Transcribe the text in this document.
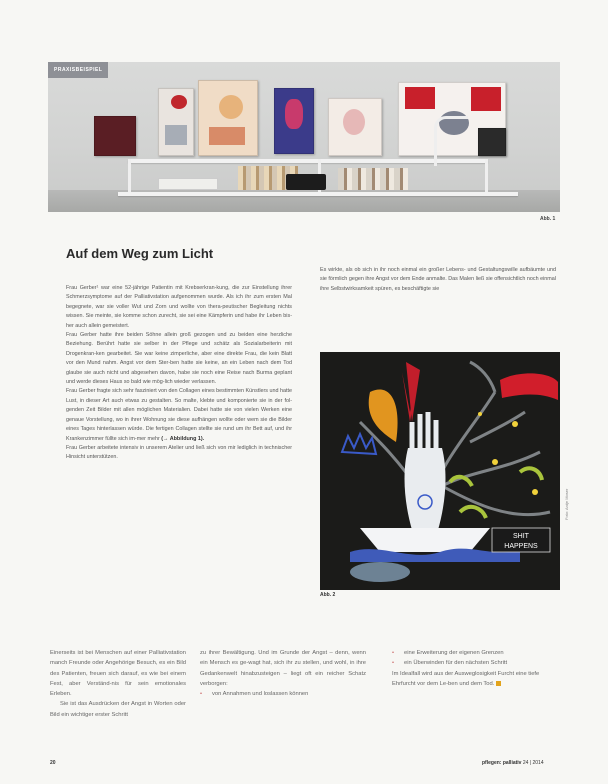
PRAXISBEISPIEL
Abb. 1
Auf dem Weg zum Licht

Frau Gerber¹ war eine 52-jährige Patientin mit Krebserkran-kung, die zur Einstellung ihrer Schmerzsymptome auf der Palliativstation aufgenommen wurde. Als ich ihr zum ersten Mal begegnete, war sie voller Wut und Zorn und wollte von thera-peutischer Begleitung nichts wissen. Sie meinte, sie komme schon zurecht, sie sei eine Kämpferin und habe ihr Leben bis-her auch allein gemeistert.

Frau Gerber hatte ihre beiden Söhne allein groß gezogen und zu beiden eine herzliche Beziehung. Berührt hatte sie selber in der Pflege und schätz als Sozialarbeiterin mit Drogenkran-ken gearbeitet. Sie war keine zimperliche, aber eine direkte Frau, die kein Blatt vor den Mund nahm. Angst vor dem Ster-ben hatte sie keine, an ein Leben nach dem Tod glaube sie auch nicht und abgesehen davon, habe sie noch eine Reise nach Burma geplant und werde dieses Haus so bald wie mög-lich wieder verlassen.

Frau Gerber fragte sich sehr fasziniert von den Collagen eines bestimmten Künstlers und hatte Lust, in dieser Art auch etwas zu gestalten. So malte, klebte und komponierte sie in der fol-genden Zeit Bilder mit allen möglichen Materialien. Dabei hatte sie von vielen Werken eine genaue Vorstellung, wo in ihrer Wohnung sie diese aufhängen wollte oder wem sie die Bilder eines Tages hinterlassen würde. Die fertigen Collagen stellte sie rund um ihr Bett auf, und ihr Krankenzimmer füllte sich im-mer mehr (→ Abbildung 1).

Frau Gerber arbeitete intensiv in unserem Atelier und ließ sich von mir lediglich in technischer Hinsicht unterstützen.

Es wirkte, als ob sich in ihr noch einmal ein großer Lebens- und Gestaltungswille aufbäumte und sie förmlich gegen ihre Angst vor dem Ende anmalte. Das Malen ließ sie offensichtlich noch einmal ihre Selbstwirksamkeit spüren, es beschäftigte sie

SHIT
HAPPENS
Foto: Antje Moser
Abb. 2

Einerseits ist bei Menschen auf einer Palliativstation manch Freunde oder Angehörige Besuch, es ein Bild des Patienten, freuen sich darauf, es wie bei einem Fest, aber Verständ-nis für sein emotionales Erleben.

Sie ist das Ausdrücken der Angst in Worten oder Bild ein wichtiger erster Schritt

zu ihrer Bewältigung. Und im Grunde der Angst – denn, wenn ein Mensch es ge-wagt hat, sich ihr zu stellen, und wohl, in ihre Gedankenwelt hinabzusteigen – liegt oft ein reicher Schatz verborgen:

• von Annahmen und loslassen können
• eine Erweiterung der eigenen Grenzen
• ein Überwinden für den nächsten Schritt

Im Idealfall wird aus der Ausweglosigkeit Furcht eine tiefe Ehrfurcht vor dem Le-ben und dem Tod.

20	pflegen: palliativ 24 | 2014
